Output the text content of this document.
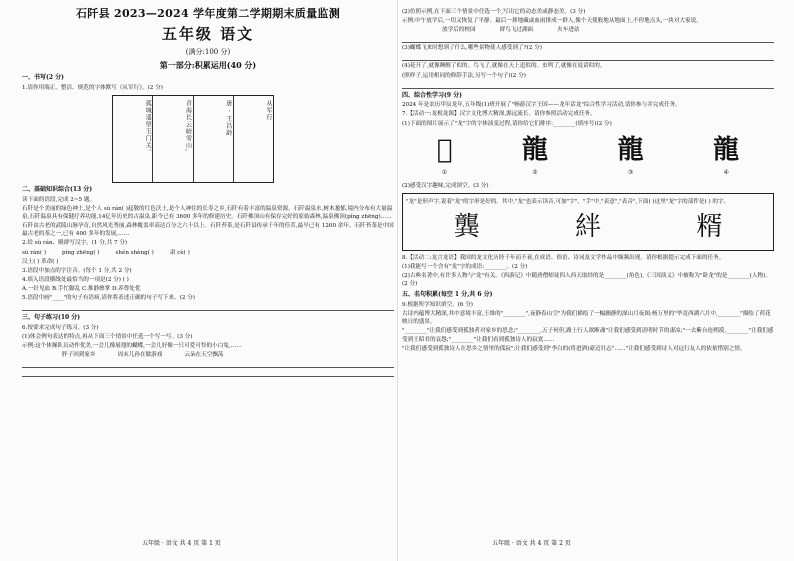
石阡县 2023—2024 学年度第二学期期末质量监测
五年级 语文
(满分:100 分)
第一部分:积累运用(40 分)
一、书写(2 分)
1.请你用端正、整洁、规范的字体默写《从军行》。(2 分)
孤城遥望玉门关。	青海长云暗雪山,	唐 · 王昌龄	从军行
二、基础知识综合(13 分)
读下面的语段,完成 2~5 题。
石阡是个美丽的绿色神土,是个人 sù rán( )起敬的红色沃土,是个人神往的长寿之乡,石阡有着丰富的温泉资源。石阡温泉水,树木葱郁,境内分布有大量温泉,石阡温泉具有保健疗养功能,14亿年历史的古温泉,距今已有 3600 多年的修建历史。石阡佛顶山有保存完好的原始森林,温泉佛顶(pǐng zhēng)……
石阡由古老的武陵山脉孕育,自然风光秀丽,森林覆盖率高达百分之六十以上。石阡苔茶,是石阡县传承千年的佳茗,最早已有 1200 余年。石阡苔茶是中国最古老的茶之一,已有 400 多年的发展,……
2.给 sù rán、殿群写汉字。(1 分,共 7 分)
sù rán( )	píng zhēng( )	shén shèng( )	肃 cè( )
汉土( ) 革命( )
3.语段中加点的字注音。(每个 1 分,共 2 分)
4.填入语段横线处最恰当的一项是(2 分) ( )
A.一针见血 B.手忙脚乱 C.推静擦掌 D.养尊处优
5.语段中画"____"的句子有语病,请你将表述正确的句子写下来。(2 分)
三、句子练习(10 分)
6.按要求完成句子练习。(3 分)
(1)体会例句表达的特点,再从下面三个情景中任选一个写一写。(3 分)
示例:这个体操队员动作优美,一会儿像展翅的蝴蝶,一会儿好像一只可爱可怜的小白兔,……
胖子回到家乡	周末儿孙在做游戏	云朵在天空飘荡
五年级 · 语文 共 4 页 第 1 页
(2)仿照示例,在下面三个情景中任选一个,写出它的动态美或静态美。(3 分)
示例:中午放学后,一切又恢复了平静。最后一排地藏或血雨排成一群人,像个天使般地从地面上,不停地点头,一块对大家说。
放学后的校园	群鸟飞过湖面	火车进站
(3)蝴蝶飞来时想到了什么,哪些景物使人感受到了?(2 分)
(4)花开了,就像睡醒了似的。鸟飞了,就像在天上追似的。虫鸣了,就像在说话似的。
(照样子,运用相同的修辞手法,另写一个句子)(2 分)
四、综合性学习(9 分)
2024 年是农历甲辰龙年,五年级(1)班开展了"畅游汉字王国——龙年话龙"综合性学习活动,请你参与并完成任务。
7.【活动一:龙根龙源】汉字文化博大精深,源远流长。请你参照活动完成任务。
(1)下面的图片展示了"龙"字的字体演变过程,请你给它们排序:________(填序号)(2 分)
𢖨
①
龍
②
龍
③
龍
④
(2)感受汉字趣味,完成填空。(3 分)
"龙"是形声字,说着"龙"的字形是好的。其中,"龙"也表示读音,可加"字"、"手"中,"表意","表音",下面( )这里"龙"字的部件是( ) 的字。
龔	絆	糈
8.【活动二:龙言龙语】我国的龙文化历经千年而不衰,在成语、俗语、诗词及文学作品中频频出现。请你根据提示完成下面的任务。
(1)我能写一个含有"龙"字的成语:________。(2 分)
(2)古典名著中,有许多人物与"龙"有关。《西游记》中随唐僧师徒四人西天取经的是________(角色),《三国演义》中被称为"卧龙"的是________(人物)。(2 分)
五、名句积累(每空 1 分,共 6 分)
9.根据所学知识填空。(6 分)
古诗内蕴博大精深,其中意境丰富,王维的"________",夜静春山空"为我们描绘了一幅幽静的深山月夜图;杨万里的"毕竟西湖六月中,________"描绘了荷花映日的盛景。
"________"让我们感受到孤独者对家乡的思念;"________,五子何但,路上行人欲断魂"让我们感受到清明时节的凄凉;"一去紫台连朔漠,________"让我们感受到王昭君的哀怨;"________"让我们看到孤独诗人的寂寞……
"让我们感受到孤独诗人在思乡之情里的孤寂";让我们感受到"李白的(将进酒)豪迈壮志"……"让我们感受到诗人对远行友人的依依惜别之情。
五年级 · 语文 共 4 页 第 2 页
